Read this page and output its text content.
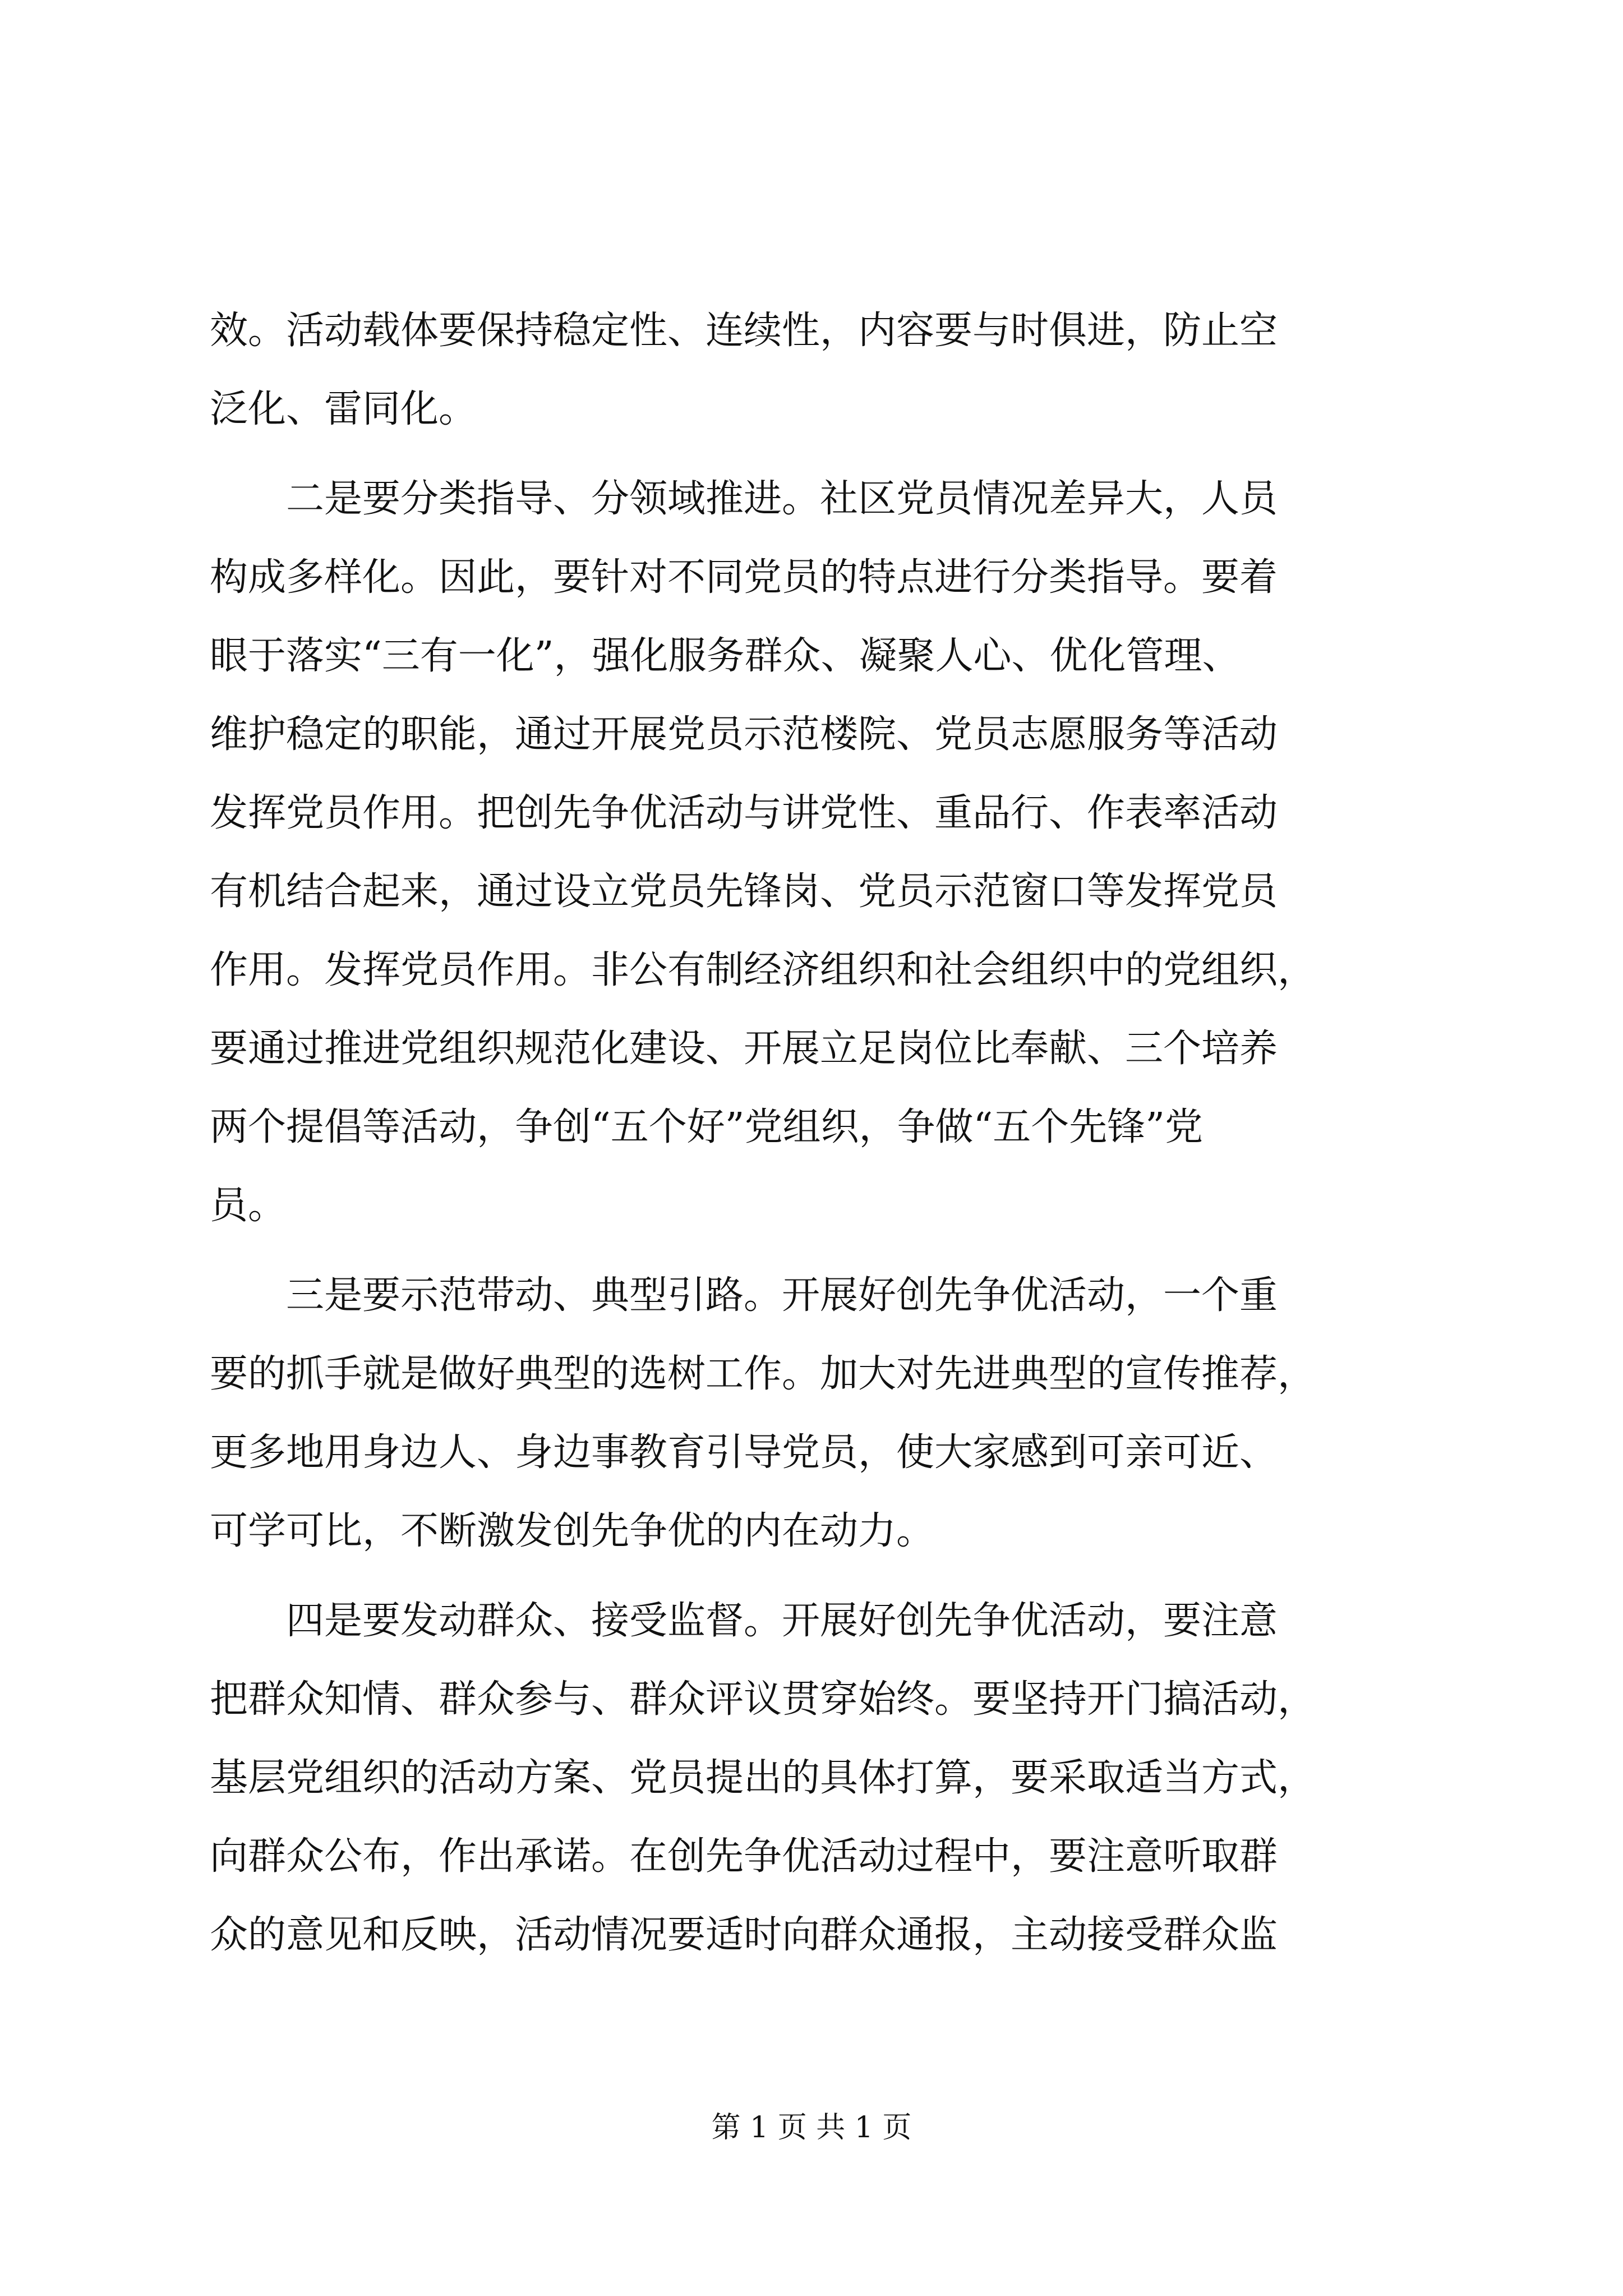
效。活动载体要保持稳定性、连续性，内容要与时俱进，防止空
泛化、雷同化。
　　二是要分类指导、分领域推进。社区党员情况差异大，人员
构成多样化。因此，要针对不同党员的特点进行分类指导。要着
眼于落实“三有一化”，强化服务群众、凝聚人心、优化管理、
维护稳定的职能，通过开展党员示范楼院、党员志愿服务等活动
发挥党员作用。把创先争优活动与讲党性、重品行、作表率活动
有机结合起来，通过设立党员先锋岗、党员示范窗口等发挥党员
作用。发挥党员作用。非公有制经济组织和社会组织中的党组织，
要通过推进党组织规范化建设、开展立足岗位比奉献、三个培养
两个提倡等活动，争创“五个好”党组织，争做“五个先锋”党
员。
　　三是要示范带动、典型引路。开展好创先争优活动，一个重
要的抓手就是做好典型的选树工作。加大对先进典型的宣传推荐，
更多地用身边人、身边事教育引导党员，使大家感到可亲可近、
可学可比，不断激发创先争优的内在动力。
　　四是要发动群众、接受监督。开展好创先争优活动，要注意
把群众知情、群众参与、群众评议贯穿始终。要坚持开门搞活动，
基层党组织的活动方案、党员提出的具体打算，要采取适当方式，
向群众公布，作出承诺。在创先争优活动过程中，要注意听取群
众的意见和反映，活动情况要适时向群众通报，主动接受群众监
第 1 页 共 1 页
